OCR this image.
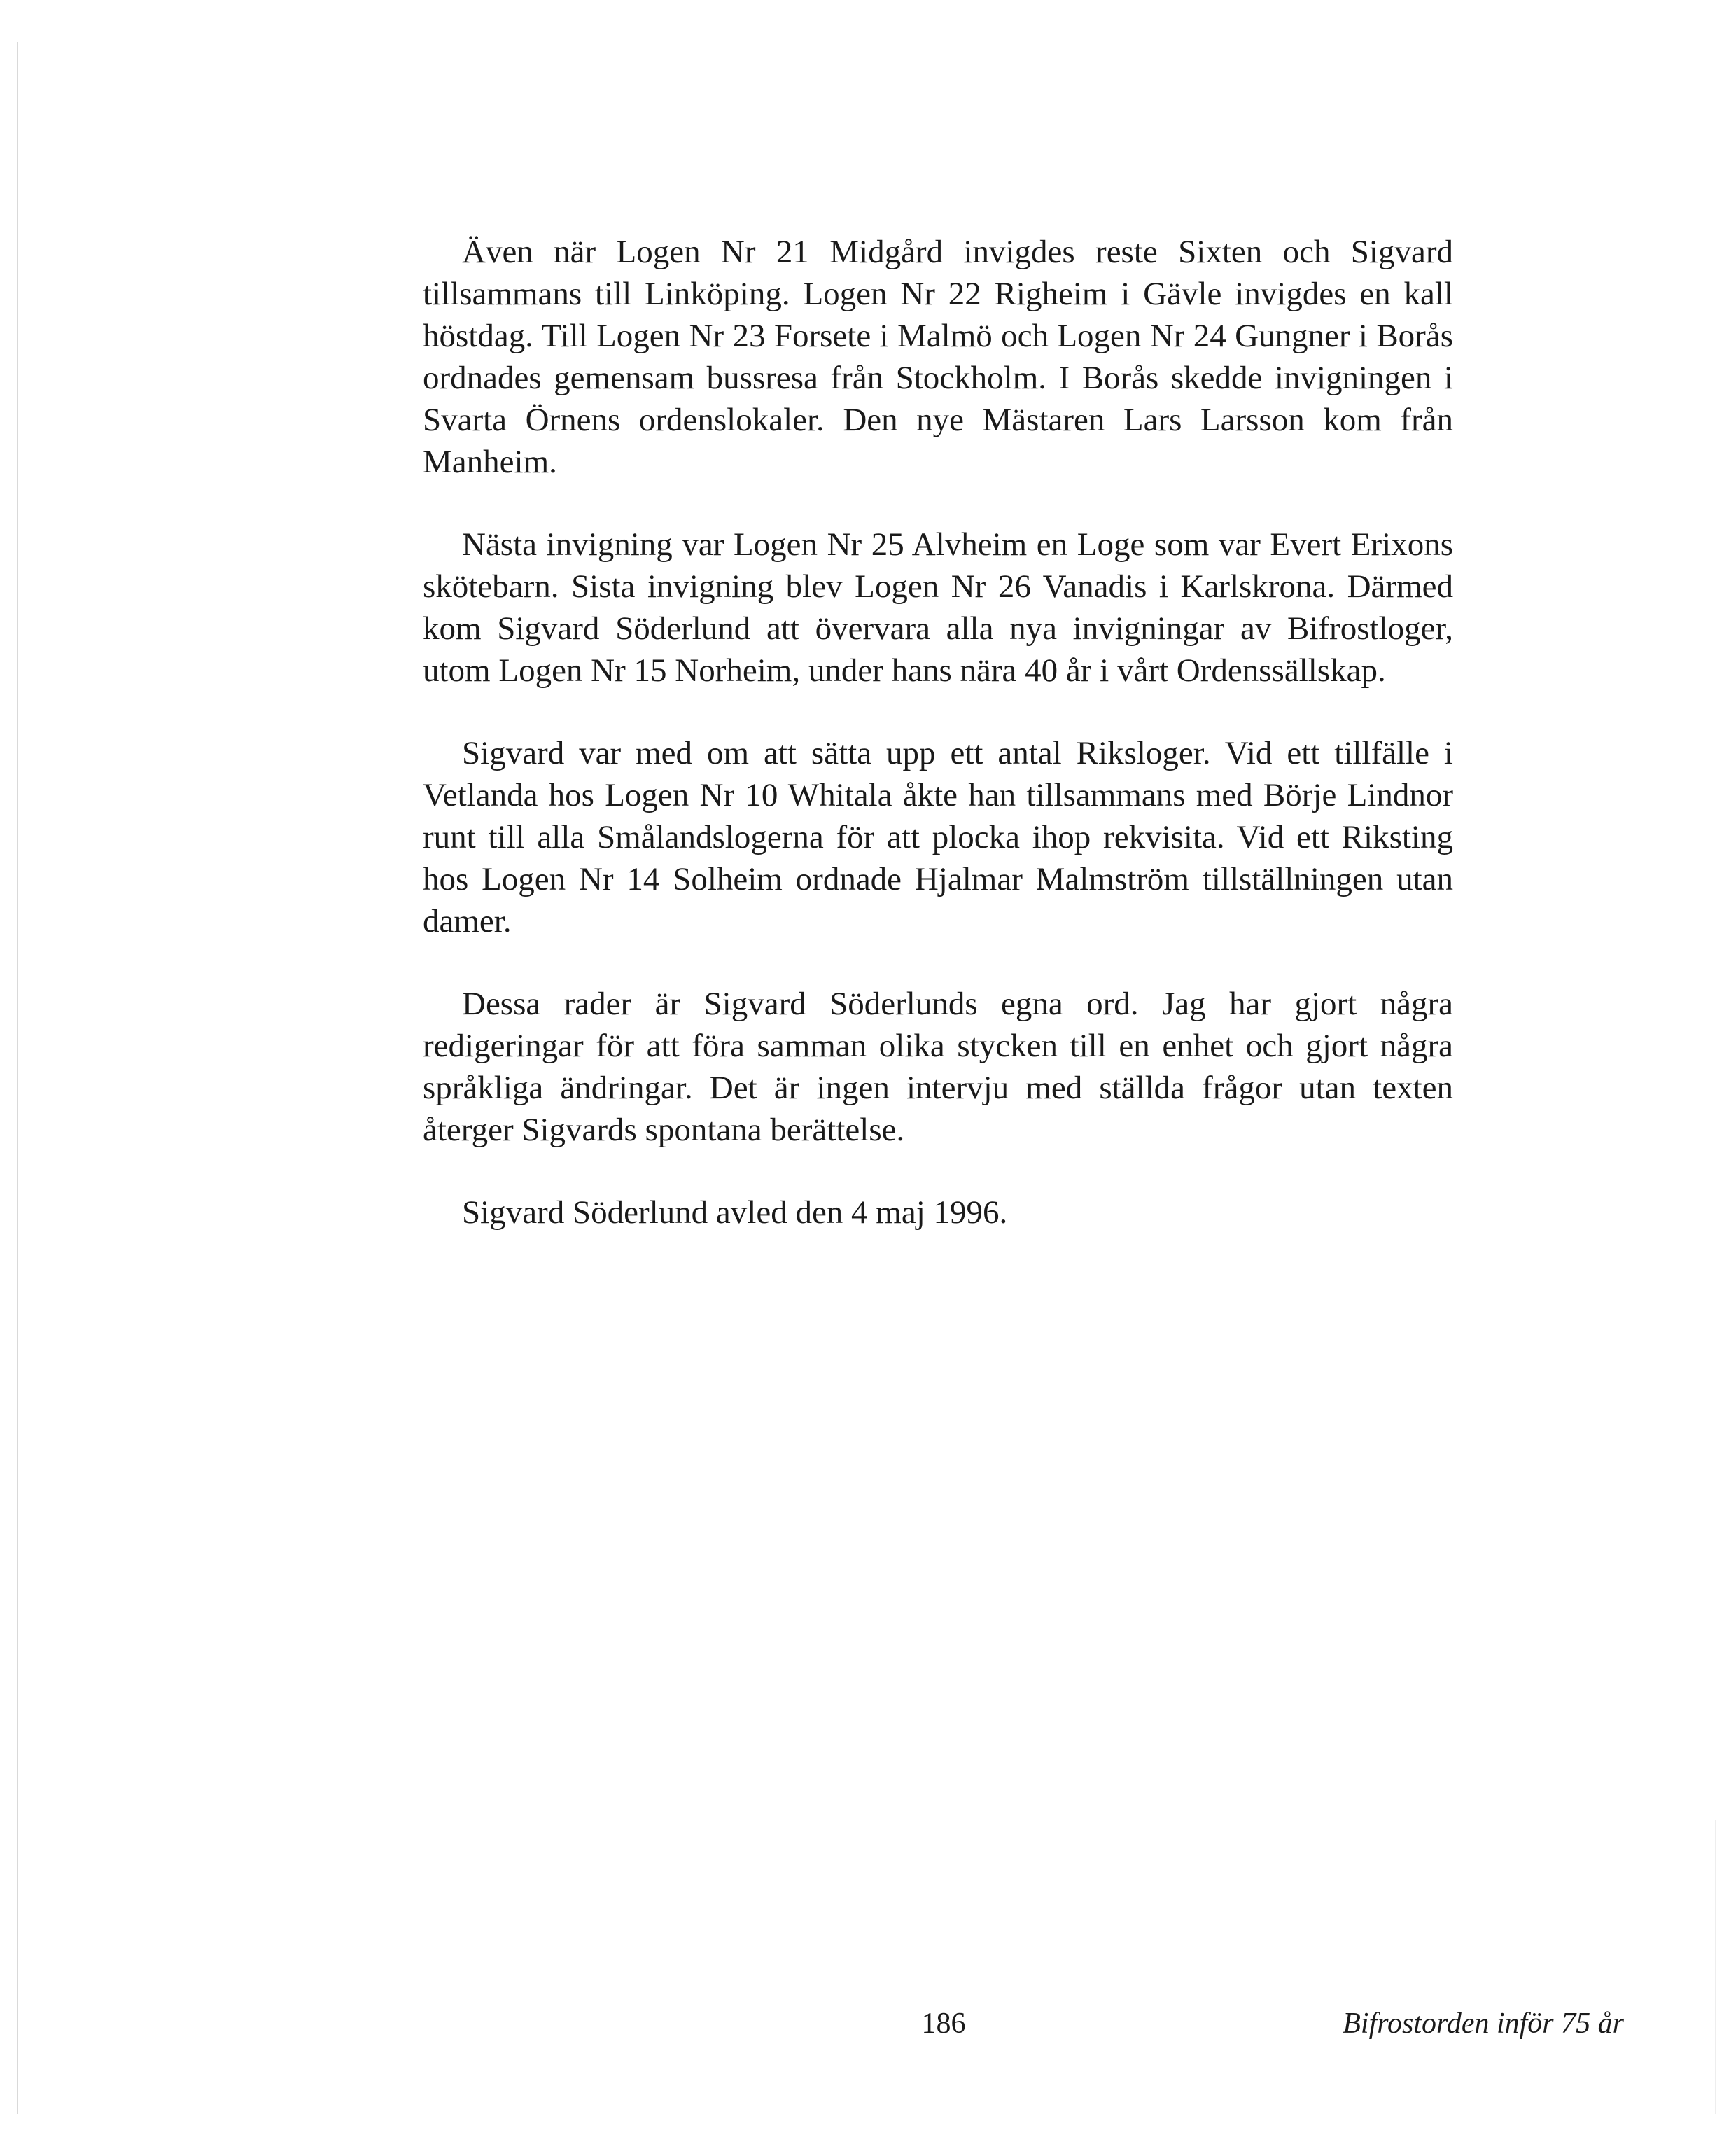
Även när Logen Nr 21 Midgård invigdes reste Sixten och Sigvard tillsammans till Linköping. Logen Nr 22 Righeim i Gävle invigdes en kall höstdag. Till Logen Nr 23 Forsete i Malmö och Logen Nr 24 Gungner i Borås ordnades gemensam bussresa från Stockholm. I Borås skedde invigningen i Svarta Örnens ordenslokaler. Den nye Mästaren Lars Larsson kom från Manheim.

Nästa invigning var Logen Nr 25 Alvheim en Loge som var Evert Erixons skötebarn. Sista invigning blev Logen Nr 26 Vanadis i Karlskrona. Därmed kom Sigvard Söderlund att övervara alla nya invigningar av Bifrostloger, utom Logen Nr 15 Norheim, under hans nära 40 år i vårt Ordenssällskap.

Sigvard var med om att sätta upp ett antal Riksloger. Vid ett tillfälle i Vetlanda hos Logen Nr 10 Whitala åkte han tillsammans med Börje Lindnor runt till alla Smålandslogerna för att plocka ihop rekvisita. Vid ett Riksting hos Logen Nr 14 Solheim ordnade Hjalmar Malmström tillställningen utan damer.

Dessa rader är Sigvard Söderlunds egna ord. Jag har gjort några redigeringar för att föra samman olika stycken till en enhet och gjort några språkliga ändringar. Det är ingen intervju med ställda frågor utan texten återger Sigvards spontana berättelse.

Sigvard Söderlund avled den 4 maj 1996.

186	Bifrostorden inför 75 år
